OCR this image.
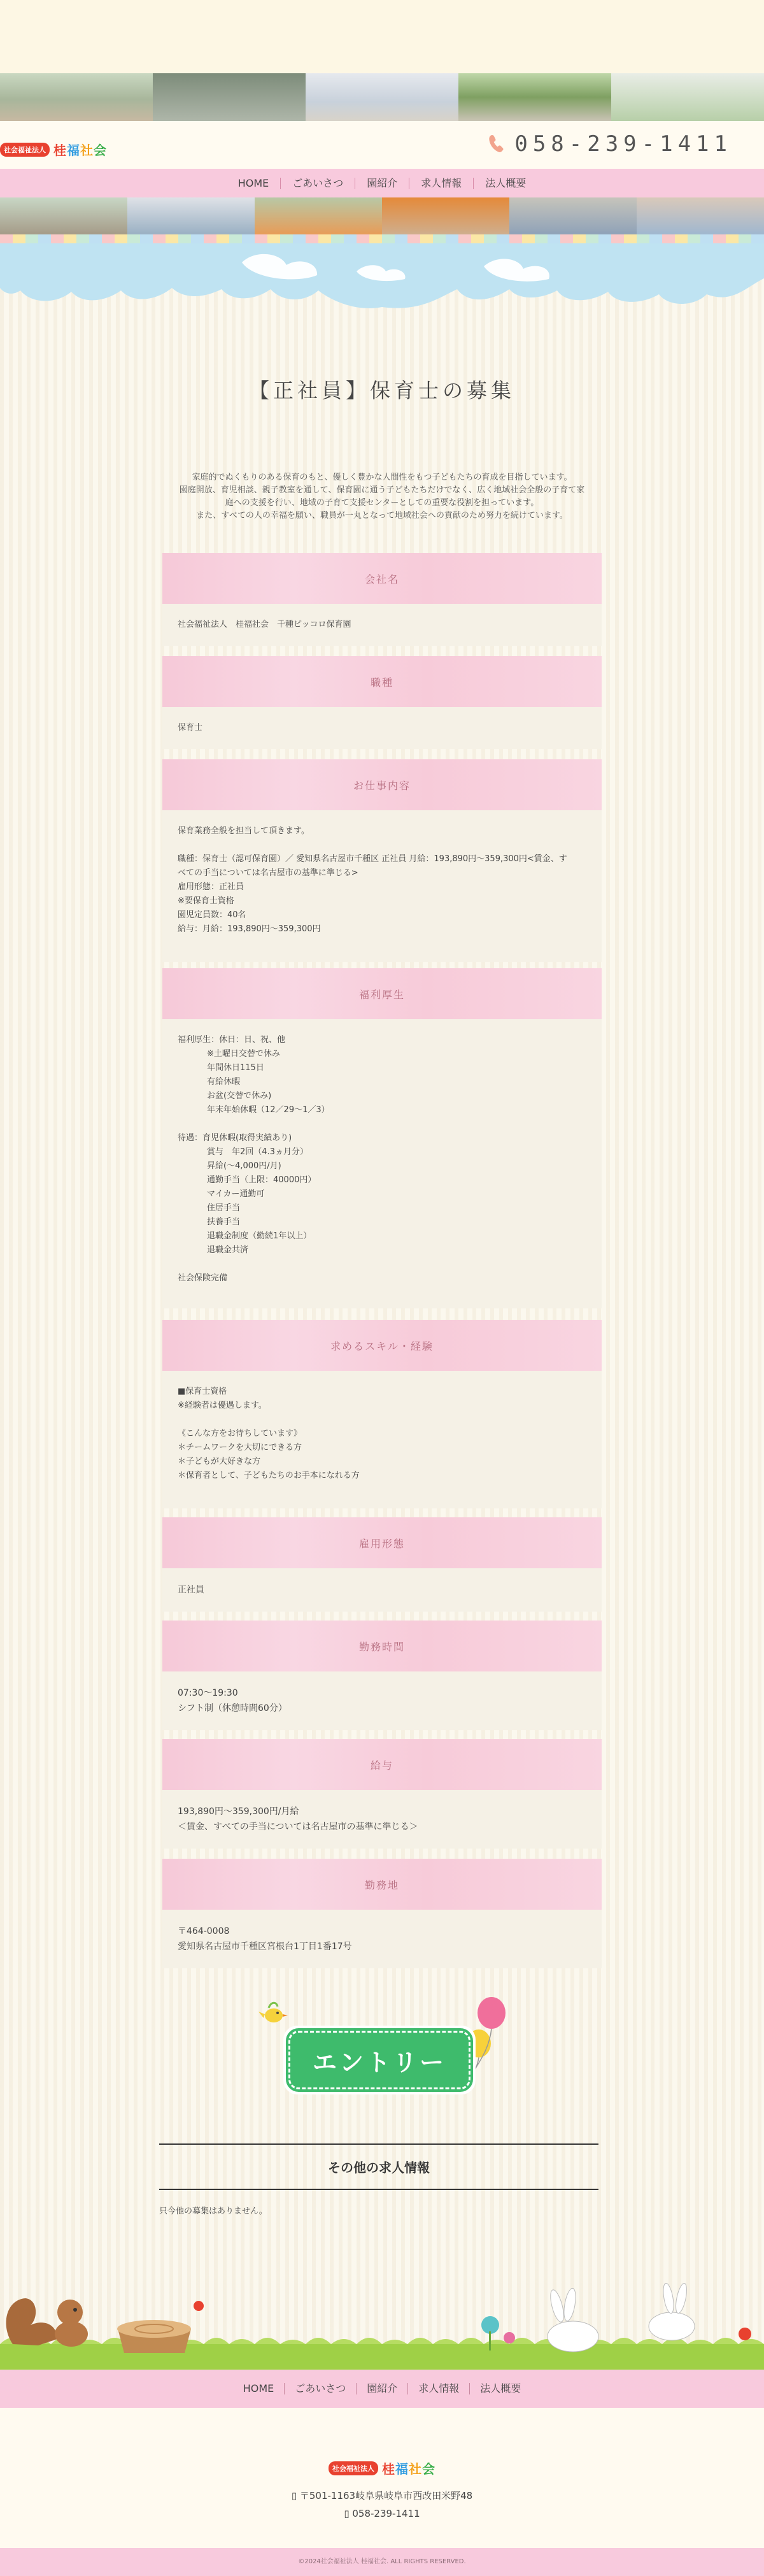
社会福祉法人 桂福社会	058-239-1411
HOME	ごあいさつ	園紹介	求人情報	法人概要
【正社員】保育士の募集

家庭的でぬくもりのある保育のもと、優しく豊かな人間性をもつ子どもたちの育成を目指しています。

園庭開放、育児相談、親子教室を通して、保育園に通う子どもたちだけでなく、広く地域社会全般の子育て家

庭への支援を行い、地域の子育て支援センターとしての重要な役割を担っています。

また、すべての人の幸福を願い、職員が一丸となって地域社会への貢献のため努力を続けています。

会社名

社会福祉法人　桂福社会　千種ピッコロ保育園

職種

保育士

お仕事内容

保育業務全般を担当して頂きます。

職種：保育士（認可保育園）／ 愛知県名古屋市千種区 正社員 月給：193,890円〜359,300円<賃金、す

べての手当については名古屋市の基準に準じる>

雇用形態：正社員

※要保育士資格

園児定員数：40名

給与：月給：193,890円〜359,300円

福利厚生

福利厚生：休日：日、祝、他

※土曜日交替で休み

年間休日115日

有給休暇

お盆(交替で休み)

年末年始休暇（12／29〜1／3）

待遇：育児休暇(取得実績あり)

賞与　年2回（4.3ヵ月分）

昇給(〜4,000円/月)

通勤手当（上限：40000円）

マイカー通勤可

住居手当

扶養手当

退職金制度（勤続1年以上）

退職金共済

社会保険完備

求めるスキル・経験

■保育士資格

※経験者は優遇します。

《こんな方をお待ちしています》

＊チームワークを大切にできる方

＊子どもが大好きな方

＊保育者として、子どもたちのお手本になれる方

雇用形態

正社員

勤務時間

07:30〜19:30

シフト制（休憩時間60分）

給与

193,890円〜359,300円/月給

＜賃金、すべての手当については名古屋市の基準に準じる＞

勤務地

〒464-0008

愛知県名古屋市千種区宮根台1丁目1番17号

エントリー
その他の求人情報

只今他の募集はありません。

HOME	ごあいさつ	園紹介	求人情報	法人概要
社会福祉法人 桂福社会
▯ 〒501-1163岐阜県岐阜市西改田米野48
▯ 058-239-1411
©2024社会福祉法人 桂福社会. ALL RIGHTS RESERVED.
